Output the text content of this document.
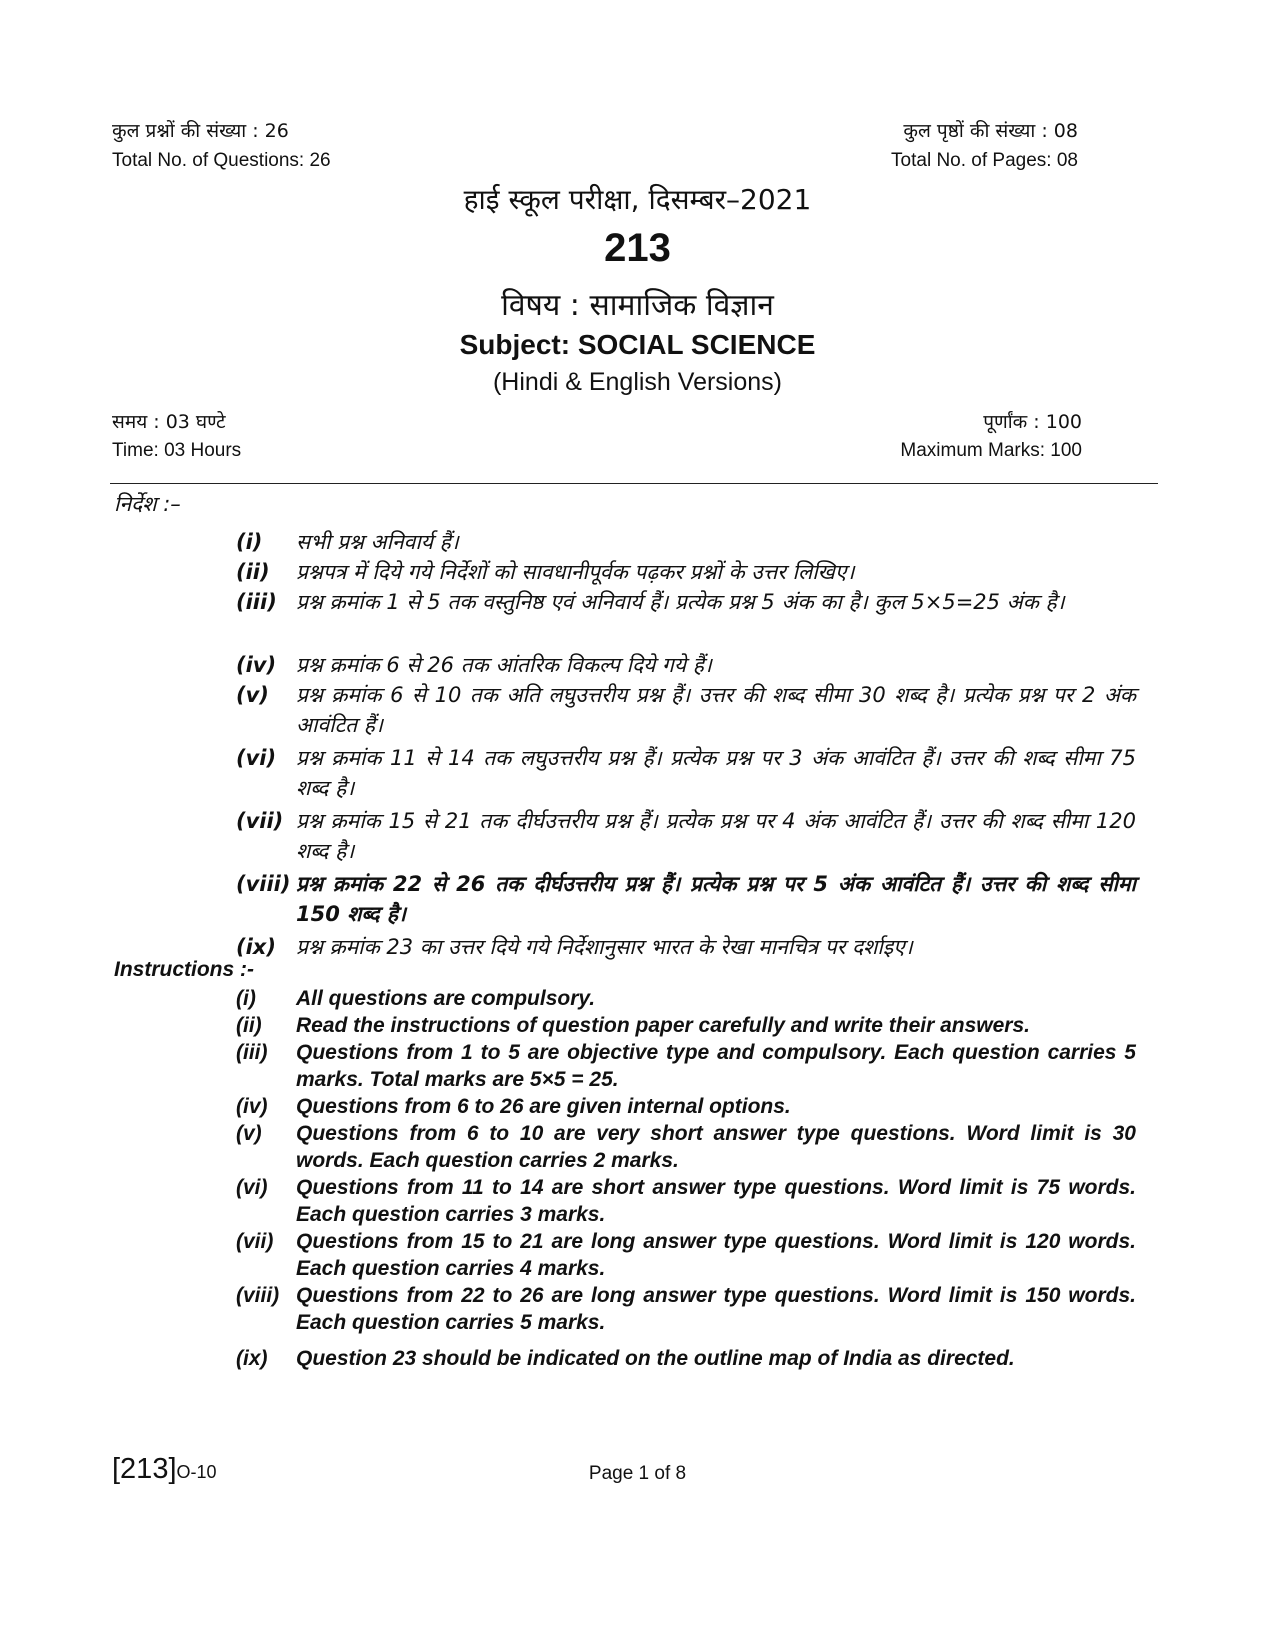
कुल प्रश्नों की संख्या : 26
Total No. of Questions: 26
कुल पृष्ठों की संख्या : 08
Total No. of Pages: 08
हाई स्कूल परीक्षा, दिसम्बर–2021
213
विषय : सामाजिक विज्ञान
Subject: SOCIAL SCIENCE
(Hindi & English Versions)
समय : 03 घण्टे
Time: 03 Hours
पूर्णांक : 100
Maximum Marks: 100
निर्देश :–
(i)	सभी प्रश्न अनिवार्य हैं।
(ii)	प्रश्नपत्र में दिये गये निर्देशों को सावधानीपूर्वक पढ़कर प्रश्नों के उत्तर लिखिए।
(iii) प्रश्न क्रमांक 1 से 5 तक वस्तुनिष्ठ एवं अनिवार्य हैं। प्रत्येक प्रश्न 5 अंक का है। कुल 5×5=25 अंक है।
(iv) प्रश्न क्रमांक 6 से 26 तक आंतरिक विकल्प दिये गये हैं।
(v)	प्रश्न क्रमांक 6 से 10 तक अति लघुउत्तरीय प्रश्न हैं। उत्तर की शब्द सीमा 30 शब्द है। प्रत्येक प्रश्न पर 2 अंक आवंटित हैं।
(vi) प्रश्न क्रमांक 11 से 14 तक लघुउत्तरीय प्रश्न हैं। प्रत्येक प्रश्न पर 3 अंक आवंटित हैं। उत्तर की शब्द सीमा 75 शब्द है।
(vii) प्रश्न क्रमांक 15 से 21 तक दीर्घउत्तरीय प्रश्न हैं। प्रत्येक प्रश्न पर 4 अंक आवंटित हैं। उत्तर की शब्द सीमा 120 शब्द है।
(viii) प्रश्न क्रमांक 22 से 26 तक दीर्घउत्तरीय प्रश्न हैं। प्रत्येक प्रश्न पर 5 अंक आवंटित हैं। उत्तर की शब्द सीमा 150 शब्द है।
(ix) प्रश्न क्रमांक 23 का उत्तर दिये गये निर्देशानुसार भारत के रेखा मानचित्र पर दर्शाइए।
Instructions :-
(i)	All questions are compulsory.
(ii)	Read the instructions of question paper carefully and write their answers.
(iii)	Questions from 1 to 5 are objective type and compulsory. Each question carries 5 marks. Total marks are 5×5 = 25.
(iv)	Questions from 6 to 26 are given internal options.
(v)	Questions from 6 to 10 are very short answer type questions. Word limit is 30 words. Each question carries 2 marks.
(vi)	Questions from 11 to 14 are short answer type questions. Word limit is 75 words. Each question carries 3 marks.
(vii)	Questions from 15 to 21 are long answer type questions. Word limit is 120 words. Each question carries 4 marks.
(viii) Questions from 22 to 26 are long answer type questions. Word limit is 150 words. Each question carries 5 marks.
(ix)	Question 23 should be indicated on the outline map of India as directed.
[213]O-10	Page 1 of 8
